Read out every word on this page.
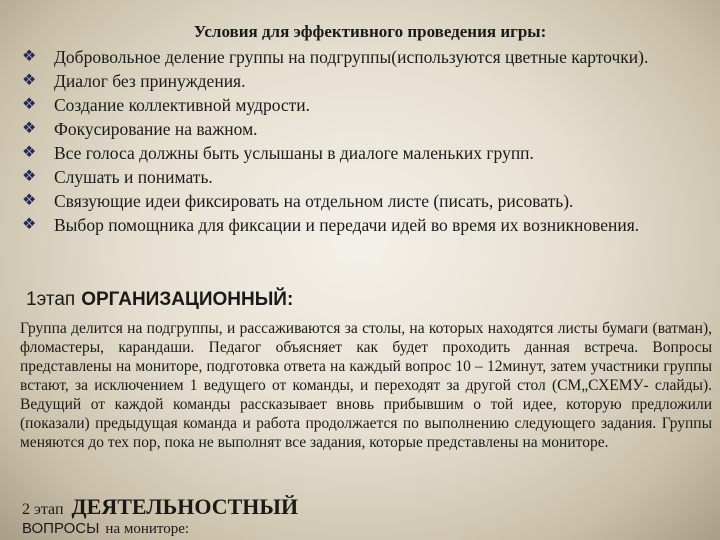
Условия для эффективного проведения игры:
❖	Добровольное деление группы на подгруппы(используются цветные карточки).
❖	Диалог без принуждения.
❖	Создание коллективной мудрости.
❖	Фокусирование на важном.
❖	Все голоса должны быть услышаны в диалоге маленьких групп.
❖	Слушать и понимать.
❖	Связующие идеи фиксировать на отдельном листе (писать, рисовать).
❖	Выбор помощника для фиксации и передачи идей во время их возникновения.
1этап ОРГАНИЗАЦИОННЫЙ:
Группа делится на подгруппы, и рассаживаются за столы, на которых находятся листы бумаги (ватман), фломастеры, карандаши. Педагог объясняет как будет проходить данная встреча. Вопросы представлены на мониторе, подготовка ответа на каждый вопрос 10 – 12минут, затем участники группы встают, за исключением 1 ведущего от команды, и переходят за другой стол (СМ„СХЕМУ- слайды). Ведущий от каждой команды рассказывает вновь прибывшим о той идее, которую предложили (показали) предыдущая команда и работа продолжается по выполнению следующего задания. Группы меняются до тех пор, пока не выполнят все задания, которые представлены на мониторе.
2 этап ДЕЯТЕЛЬНОСТНЫЙ
ВОПРОСЫ на мониторе:
